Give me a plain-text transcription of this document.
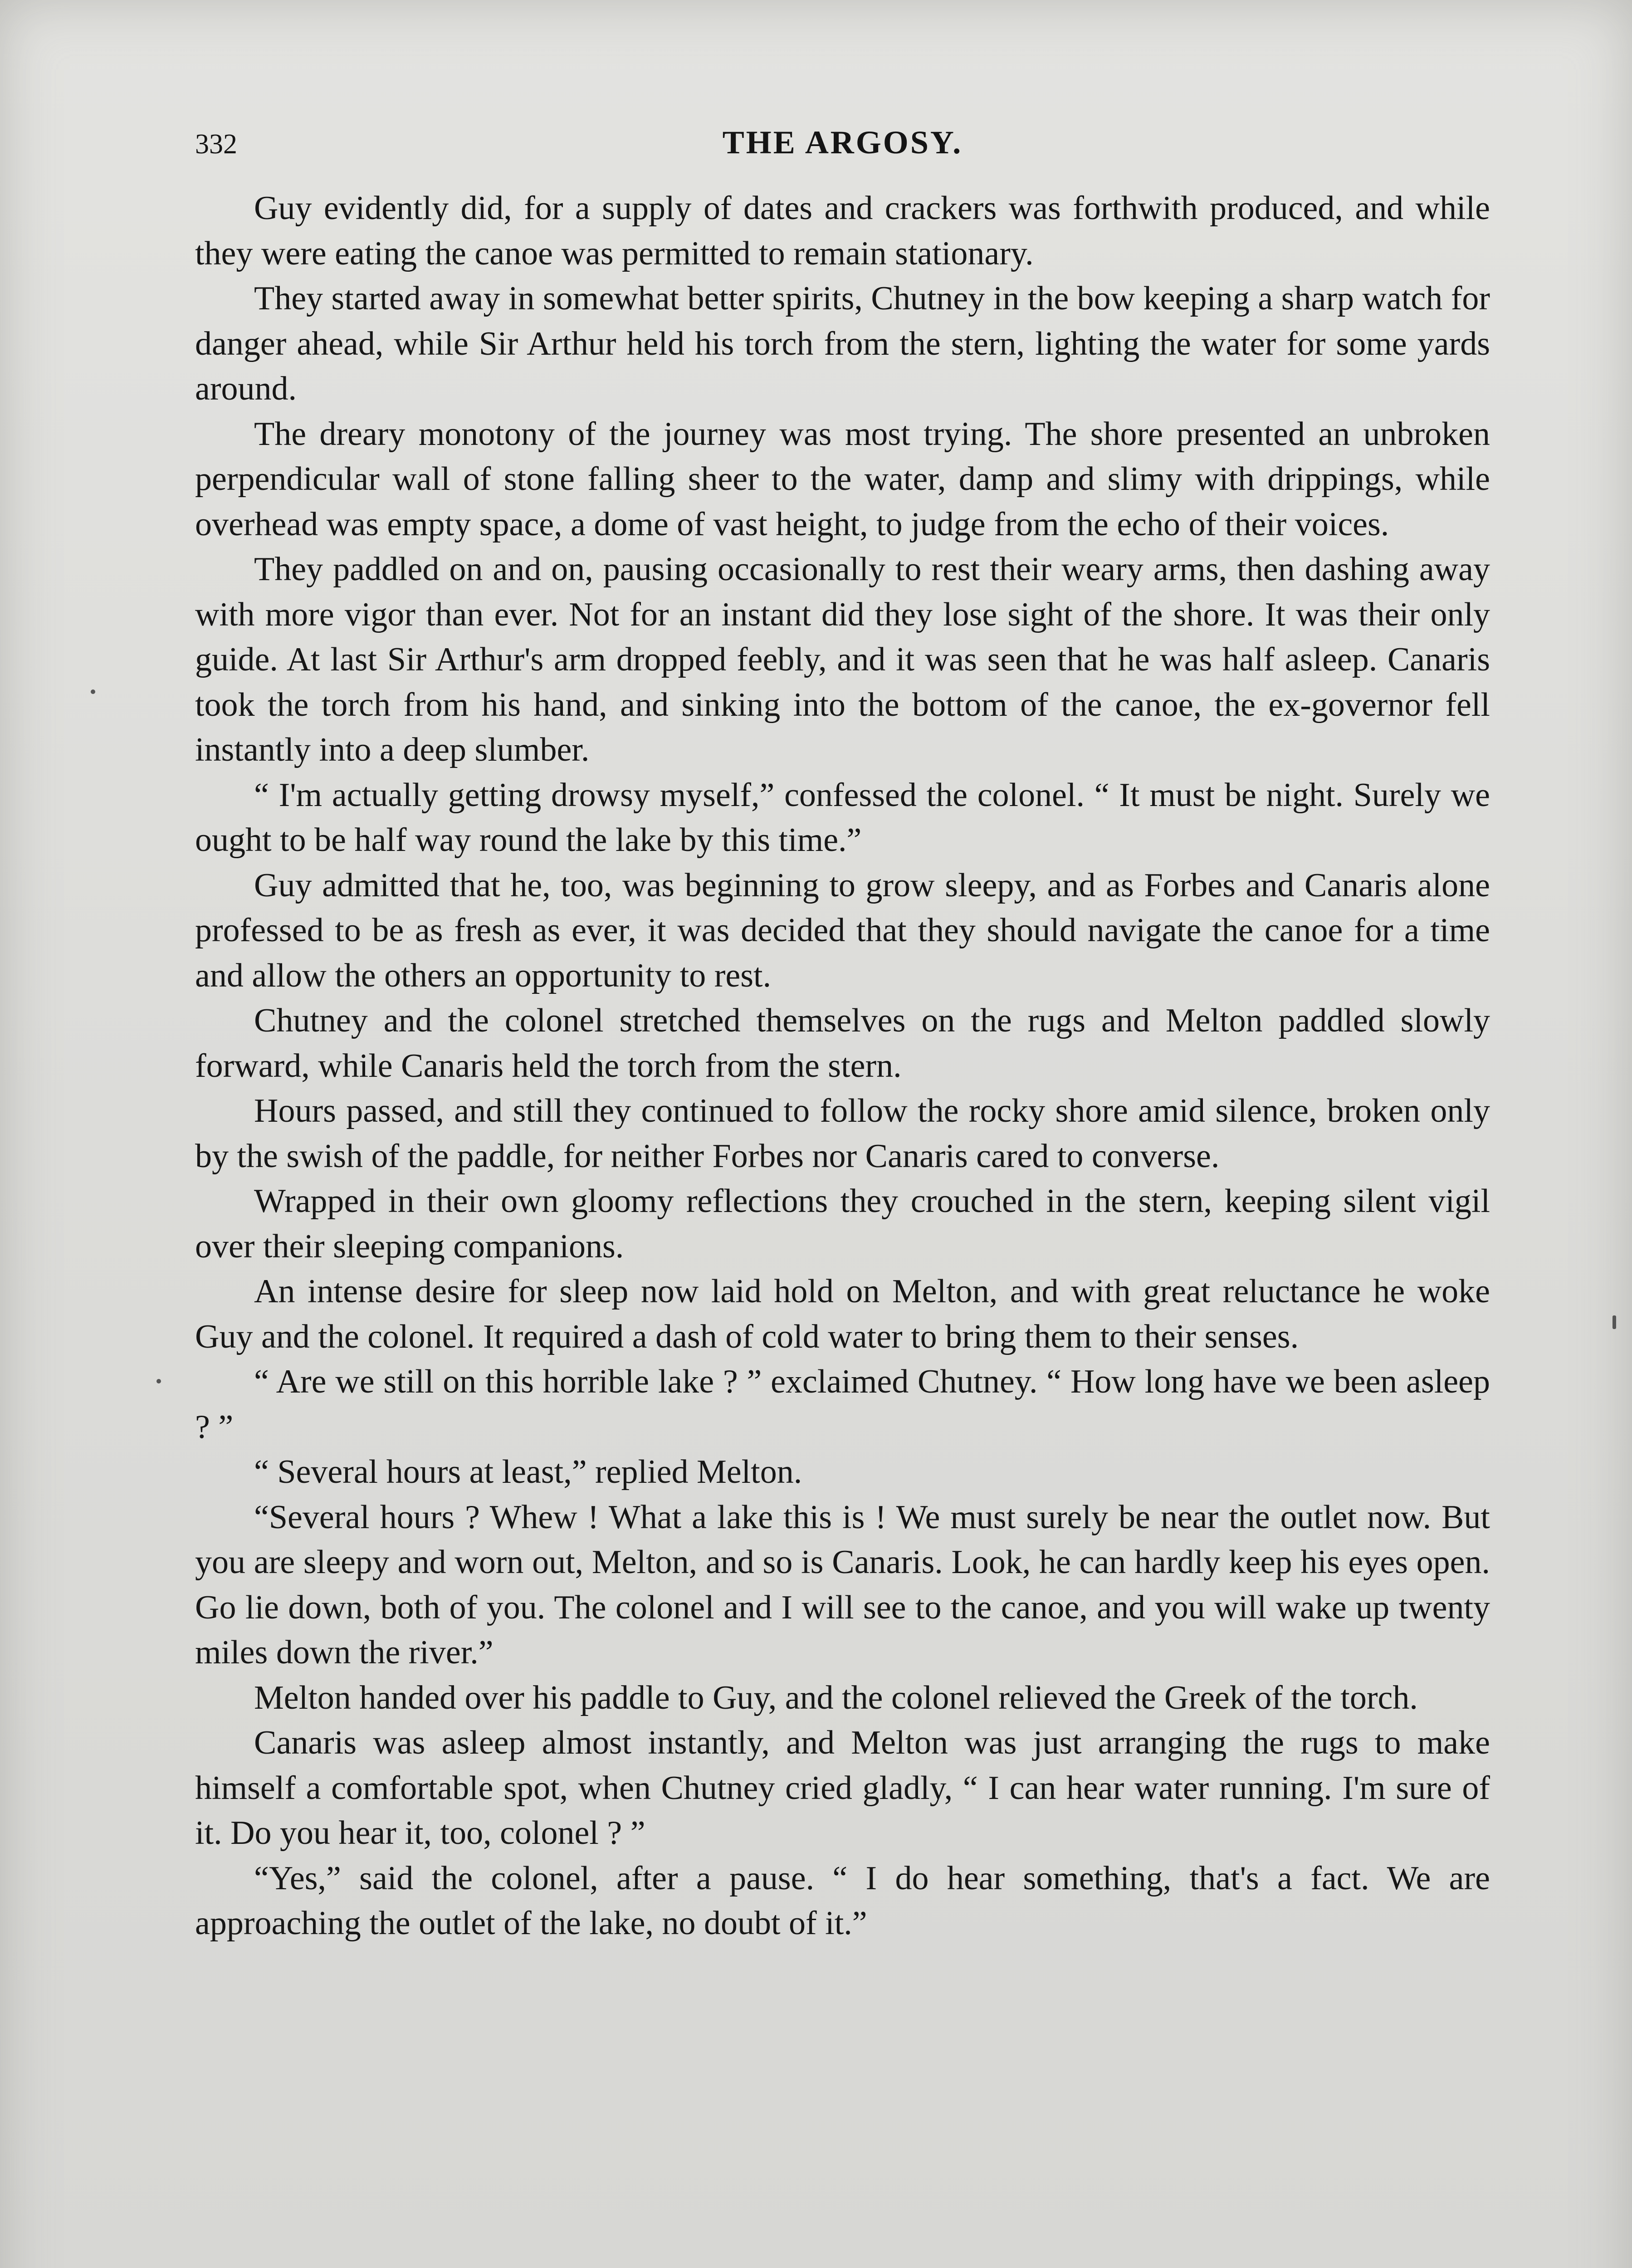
332	THE ARGOSY.

Guy evidently did, for a supply of dates and crackers was forthwith produced, and while they were eating the canoe was permitted to remain stationary.

They started away in somewhat better spirits, Chutney in the bow keeping a sharp watch for danger ahead, while Sir Arthur held his torch from the stern, lighting the water for some yards around.

The dreary monotony of the journey was most trying. The shore presented an unbroken perpendicular wall of stone falling sheer to the water, damp and slimy with drippings, while overhead was empty space, a dome of vast height, to judge from the echo of their voices.

They paddled on and on, pausing occasionally to rest their weary arms, then dashing away with more vigor than ever. Not for an instant did they lose sight of the shore. It was their only guide. At last Sir Arthur's arm dropped feebly, and it was seen that he was half asleep. Canaris took the torch from his hand, and sinking into the bottom of the canoe, the ex-governor fell instantly into a deep slumber.

“ I'm actually getting drowsy myself,” confessed the colonel. “ It must be night. Surely we ought to be half way round the lake by this time.”

Guy admitted that he, too, was beginning to grow sleepy, and as Forbes and Canaris alone professed to be as fresh as ever, it was decided that they should navigate the canoe for a time and allow the others an opportunity to rest.

Chutney and the colonel stretched themselves on the rugs and Melton paddled slowly forward, while Canaris held the torch from the stern.

Hours passed, and still they continued to follow the rocky shore amid silence, broken only by the swish of the paddle, for neither Forbes nor Canaris cared to converse.

Wrapped in their own gloomy reflections they crouched in the stern, keeping silent vigil over their sleeping companions.

An intense desire for sleep now laid hold on Melton, and with great reluctance he woke Guy and the colonel. It required a dash of cold water to bring them to their senses.

“ Are we still on this horrible lake ? ” exclaimed Chutney. “ How long have we been asleep ? ”

“ Several hours at least,” replied Melton.

“Several hours ? Whew ! What a lake this is ! We must surely be near the outlet now. But you are sleepy and worn out, Melton, and so is Canaris. Look, he can hardly keep his eyes open. Go lie down, both of you. The colonel and I will see to the canoe, and you will wake up twenty miles down the river.”

Melton handed over his paddle to Guy, and the colonel relieved the Greek of the torch.

Canaris was asleep almost instantly, and Melton was just arranging the rugs to make himself a comfortable spot, when Chutney cried gladly, “ I can hear water running. I'm sure of it. Do you hear it, too, colonel ? ”

“Yes,” said the colonel, after a pause. “ I do hear something, that's a fact. We are approaching the outlet of the lake, no doubt of it.”
